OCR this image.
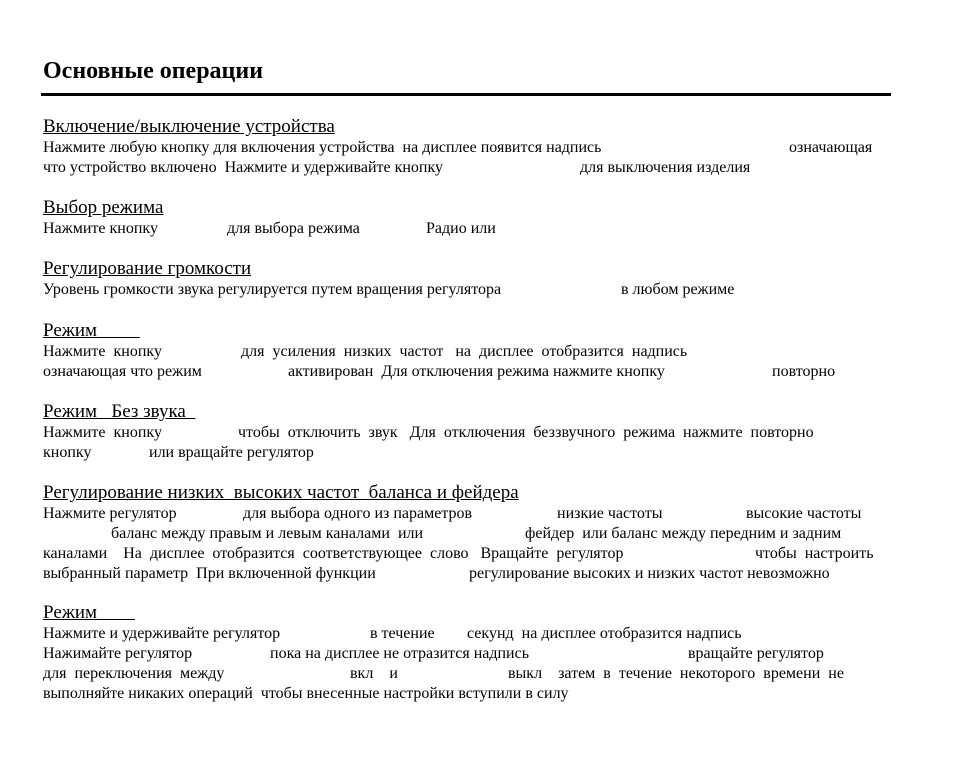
Основные операции
Включение/выключение устройства

Нажмите любую кнопку для включения устройства  на дисплее появится надпись

	означающая

что устройство включено  Нажмите и удерживайте кнопку

	для выключения изделия

Выбор режима

Нажмите кнопку

	для выбора режима

	Радио или

Регулирование громкости

Уровень громкости звука регулируется путем вращения регулятора

	в любом режиме

Режим

Нажмите  кнопку

	для  усиления  низких  частот   на  дисплее  отобразится  надпись

означающая что режим

	активирован  Для отключения режима нажмите кнопку

	повторно

Режим   Без звука

Нажмите  кнопку

	чтобы  отключить  звук   Для  отключения  беззвучного  режима  нажмите  повторно

кнопку

	или вращайте регулятор

Регулирование низких  высоких частот  баланса и фейдера

Нажмите регулятор

	для выбора одного из параметров

	низкие частоты

	высокие частоты

баланс между правым и левым каналами  или

	фейдер  или баланс между передним и задним

каналами    На  дисплее  отобразится  соответствующее  слово   Вращайте  регулятор

	чтобы  настроить

выбранный параметр  При включенной функции

	регулирование высоких и низких частот невозможно

Режим

Нажмите и удерживайте регулятор

	в течение

секунд  на дисплее отобразится надпись

Нажимайте регулятор

	пока на дисплее не отразится надпись

	вращайте регулятор

для  переключения  между

	вкл    и

	выкл    затем  в  течение  некоторого  времени  не

выполняйте никаких операций  чтобы внесенные настройки вступили в силу
